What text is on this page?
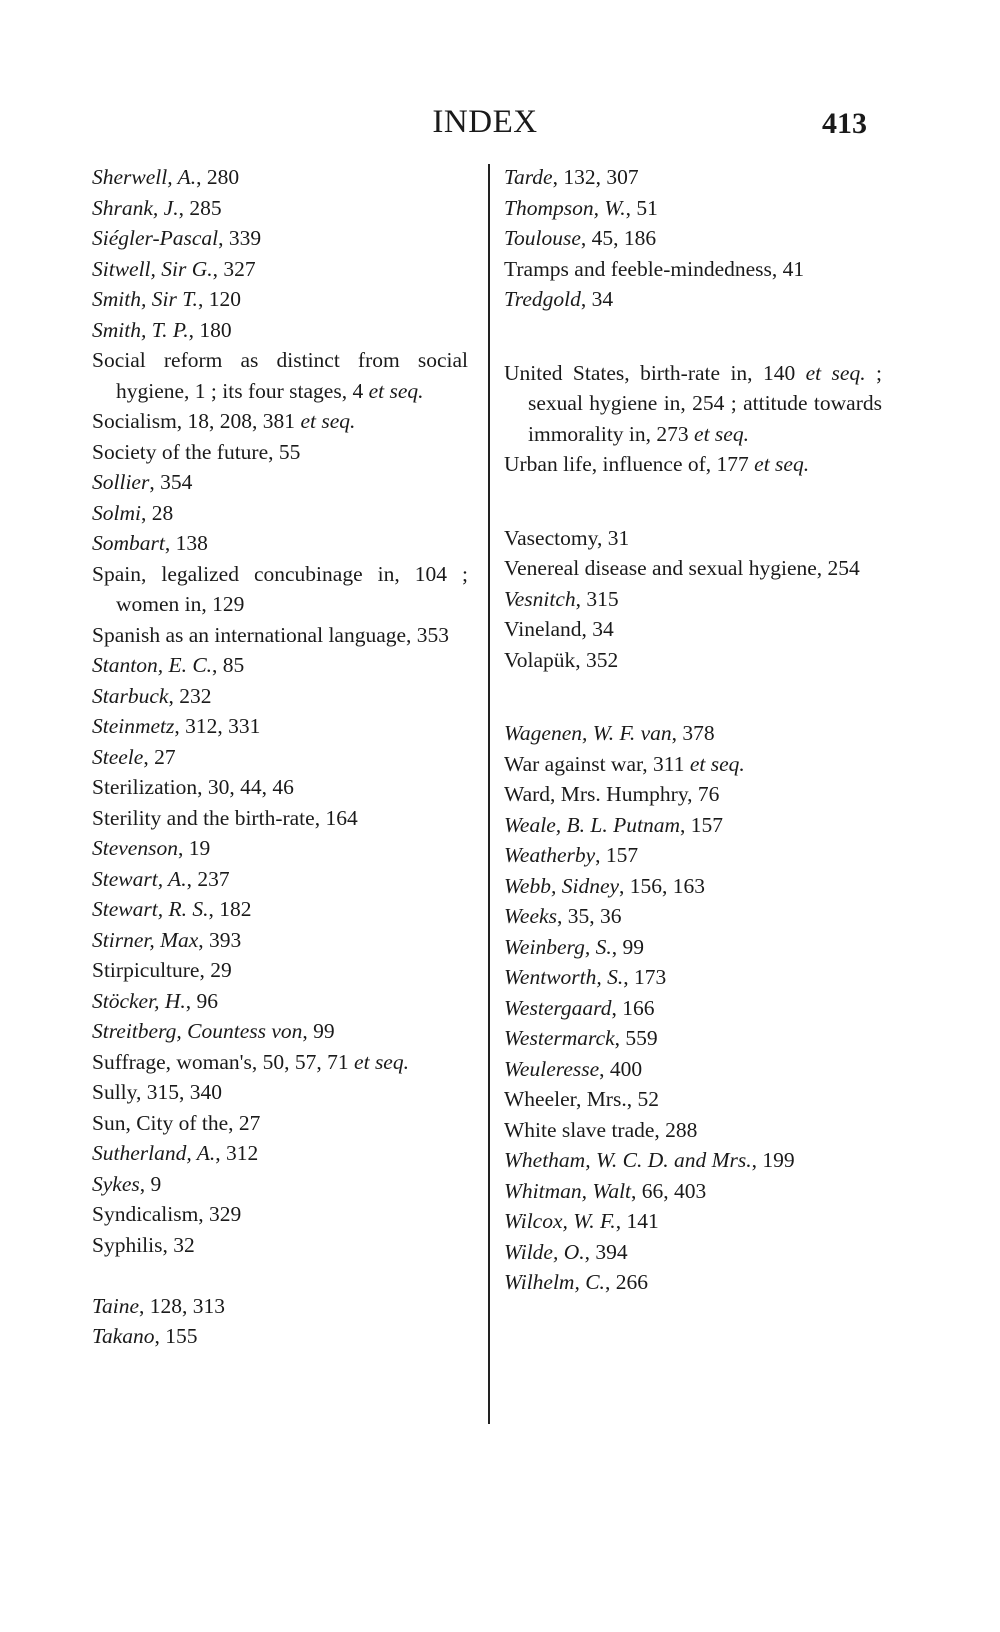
INDEX	413

Sherwell, A., 280

Shrank, J., 285

Siégler-Pascal, 339

Sitwell, Sir G., 327

Smith, Sir T., 120

Smith, T. P., 180

Social reform as distinct from social hygiene, 1 ; its four stages, 4 et seq.

Socialism, 18, 208, 381 et seq.

Society of the future, 55

Sollier, 354

Solmi, 28

Sombart, 138

Spain, legalized concubinage in, 104 ; women in, 129

Spanish as an international language, 353

Stanton, E. C., 85

Starbuck, 232

Steinmetz, 312, 331

Steele, 27

Sterilization, 30, 44, 46

Sterility and the birth-rate, 164

Stevenson, 19

Stewart, A., 237

Stewart, R. S., 182

Stirner, Max, 393

Stirpiculture, 29

Stöcker, H., 96

Streitberg, Countess von, 99

Suffrage, woman's, 50, 57, 71 et seq.

Sully, 315, 340

Sun, City of the, 27

Sutherland, A., 312

Sykes, 9

Syndicalism, 329

Syphilis, 32

Taine, 128, 313

Takano, 155

Tarde, 132, 307

Thompson, W., 51

Toulouse, 45, 186

Tramps and feeble-mindedness, 41

Tredgold, 34

United States, birth-rate in, 140 et seq. ; sexual hygiene in, 254 ; attitude towards immorality in, 273 et seq.

Urban life, influence of, 177 et seq.

Vasectomy, 31

Venereal disease and sexual hygiene, 254

Vesnitch, 315

Vineland, 34

Volapük, 352

Wagenen, W. F. van, 378

War against war, 311 et seq.

Ward, Mrs. Humphry, 76

Weale, B. L. Putnam, 157

Weatherby, 157

Webb, Sidney, 156, 163

Weeks, 35, 36

Weinberg, S., 99

Wentworth, S., 173

Westergaard, 166

Westermarck, 559

Weuleresse, 400

Wheeler, Mrs., 52

White slave trade, 288

Whetham, W. C. D. and Mrs., 199

Whitman, Walt, 66, 403

Wilcox, W. F., 141

Wilde, O., 394

Wilhelm, C., 266
